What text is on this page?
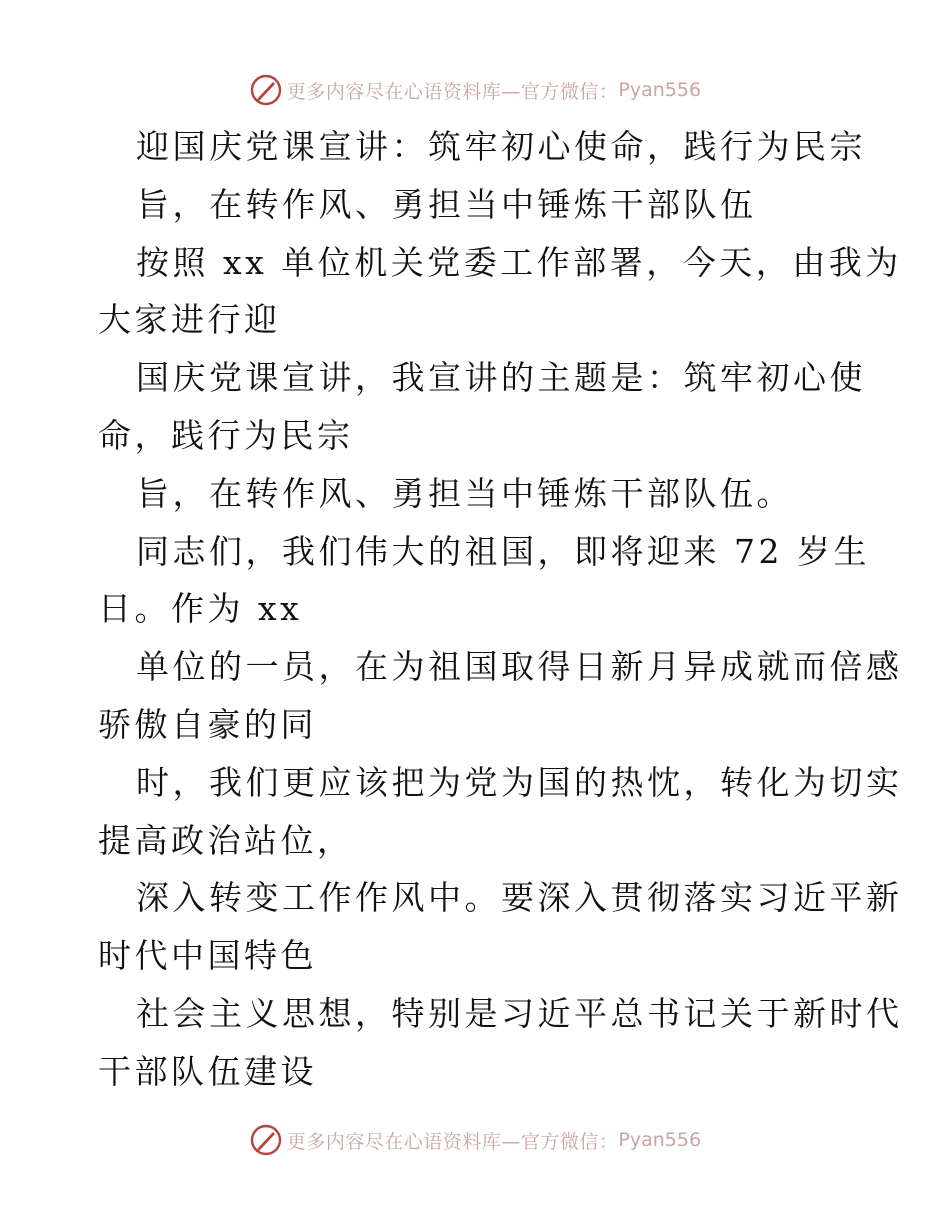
更多内容尽在心语资料库—官方微信： Pyan556
迎国庆党课宣讲：筑牢初心使命，践行为民宗
旨，在转作风、勇担当中锤炼干部队伍
按照 xx 单位机关党委工作部署，今天，由我为
大家进行迎
国庆党课宣讲，我宣讲的主题是：筑牢初心使
命，践行为民宗
旨，在转作风、勇担当中锤炼干部队伍。
同志们，我们伟大的祖国，即将迎来 72 岁生
日。作为 xx
单位的一员，在为祖国取得日新月异成就而倍感
骄傲自豪的同
时，我们更应该把为党为国的热忱，转化为切实
提高政治站位，
深入转变工作作风中。要深入贯彻落实习近平新
时代中国特色
社会主义思想，特别是习近平总书记关于新时代
干部队伍建设
更多内容尽在心语资料库—官方微信： Pyan556
